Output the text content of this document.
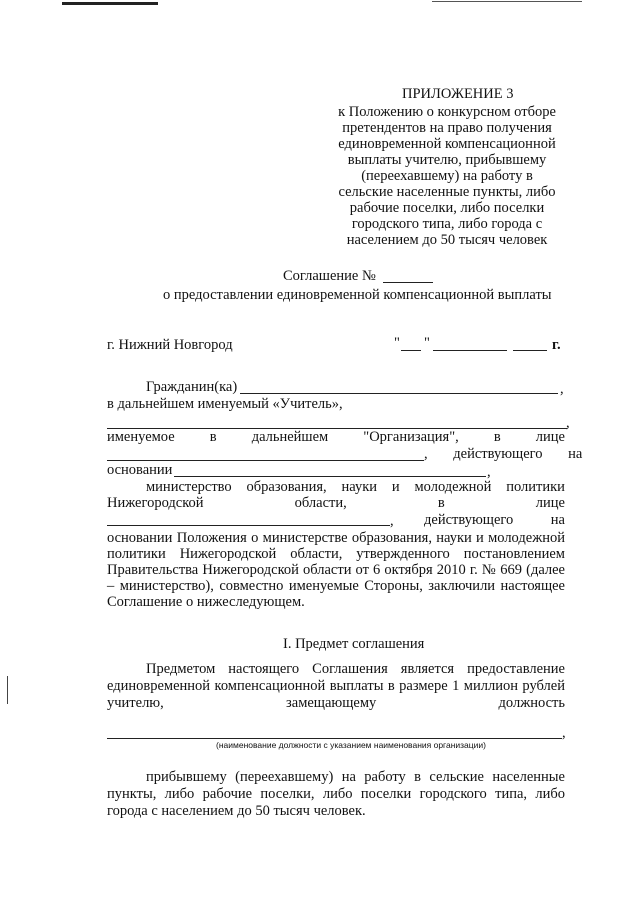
ПРИЛОЖЕНИЕ 3
к Положению о конкурсном отборе
претендентов на право получения
единовременной компенсационной
выплаты учителю, прибывшему
(переехавшему) на работу в
сельские населенные пункты, либо
рабочие поселки, либо поселки
городского типа, либо города с
населением до 50 тысяч человек
Соглашение №
о предоставлении единовременной компенсационной выплаты
г. Нижний Новгород	" "	г.
Гражданин(ка)	,
в дальнейшем именуемый «Учитель»,
,
именуемое в дальнейшем "Организация", в лице
, действующего на
основании	,
министерство образования, науки и молодежной политики
Нижегородской	области,	в	лице
, действующего	на
основании Положения о министерстве образования, науки и молодежной
политики Нижегородской области, утвержденного постановлением
Правительства Нижегородской области от 6 октября 2010 г. № 669 (далее
– министерство), совместно именуемые Стороны, заключили настоящее
Соглашение о нижеследующем.
I. Предмет соглашения
Предметом настоящего Соглашения является предоставление
единовременной компенсационной выплаты в размере 1 миллион рублей
учителю,	замещающему	должность
,
(наименование должности с указанием наименования организации)
прибывшему (переехавшему) на работу в сельские населенные
пункты, либо рабочие поселки, либо поселки городского типа, либо
города с населением до 50 тысяч человек.
